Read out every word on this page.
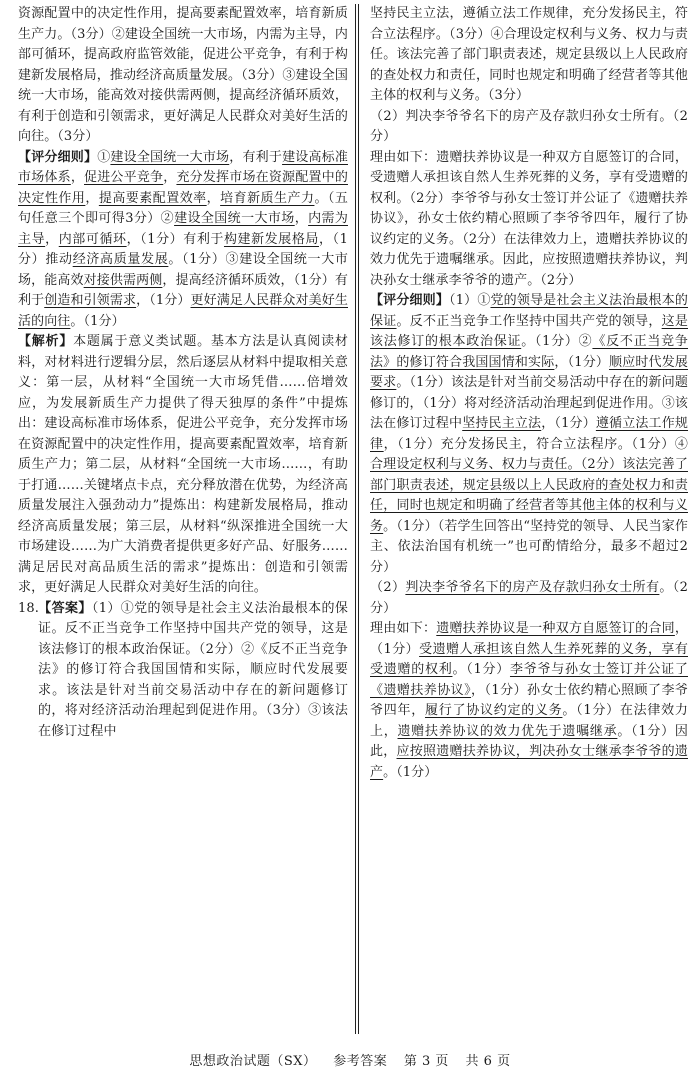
资源配置中的决定性作用，提高要素配置效率，培育新质生产力。（3分）②建设全国统一大市场，内需为主导，内部可循环，提高政府监管效能，促进公平竞争，有利于构建新发展格局，推动经济高质量发展。（3分）③建设全国统一大市场，能高效对接供需两侧，提高经济循环质效，有利于创造和引领需求，更好满足人民群众对美好生活的向往。（3分）

【评分细则】①建设全国统一大市场，有利于建设高标准市场体系，促进公平竞争，充分发挥市场在资源配置中的决定性作用，提高要素配置效率，培育新质生产力。（五句任意三个即可得3分）②建设全国统一大市场，内需为主导，内部可循环，（1分）有利于构建新发展格局，（1分）推动经济高质量发展。（1分）③建设全国统一大市场，能高效对接供需两侧，提高经济循环质效，（1分）有利于创造和引领需求，（1分）更好满足人民群众对美好生活的向往。（1分）

【解析】本题属于意义类试题。基本方法是认真阅读材料，对材料进行逻辑分层，然后逐层从材料中提取相关意义：第一层，从材料“全国统一大市场凭借……倍增效应，为发展新质生产力提供了得天独厚的条件”中提炼出：建设高标准市场体系，促进公平竞争，充分发挥市场在资源配置中的决定性作用，提高要素配置效率，培育新质生产力；第二层，从材料“全国统一大市场……，有助于打通……关键堵点卡点，充分释放潜在优势，为经济高质量发展注入强劲动力”提炼出：构建新发展格局，推动经济高质量发展；第三层，从材料“纵深推进全国统一大市场建设……为广大消费者提供更多好产品、好服务……满足居民对高品质生活的需求”提炼出：创造和引领需求，更好满足人民群众对美好生活的向往。

18.【答案】（1）①党的领导是社会主义法治最根本的保证。反不正当竞争工作坚持中国共产党的领导，这是该法修订的根本政治保证。（2分）②《反不正当竞争法》的修订符合我国国情和实际，顺应时代发展要求。该法是针对当前交易活动中存在的新问题修订的，将对经济活动治理起到促进作用。（3分）③该法在修订过程中

坚持民主立法，遵循立法工作规律，充分发扬民主，符合立法程序。（3分）④合理设定权利与义务、权力与责任。该法完善了部门职责表述，规定县级以上人民政府的查处权力和责任，同时也规定和明确了经营者等其他主体的权利与义务。（3分）

（2）判决李爷爷名下的房产及存款归孙女士所有。（2分）

理由如下：遗赠扶养协议是一种双方自愿签订的合同，受遗赠人承担该自然人生养死葬的义务，享有受遗赠的权利。（2分）李爷爷与孙女士签订并公证了《遗赠扶养协议》，孙女士依约精心照顾了李爷爷四年，履行了协议约定的义务。（2分）在法律效力上，遗赠扶养协议的效力优先于遗嘱继承。因此，应按照遗赠扶养协议，判决孙女士继承李爷爷的遗产。（2分）

【评分细则】（1）①党的领导是社会主义法治最根本的保证。反不正当竞争工作坚持中国共产党的领导，这是该法修订的根本政治保证。（1分）②《反不正当竞争法》的修订符合我国国情和实际，（1分）顺应时代发展要求。（1分）该法是针对当前交易活动中存在的新问题修订的，（1分）将对经济活动治理起到促进作用。③该法在修订过程中坚持民主立法，（1分）遵循立法工作规律，（1分）充分发扬民主，符合立法程序。（1分）④合理设定权利与义务、权力与责任。（2分）该法完善了部门职责表述，规定县级以上人民政府的查处权力和责任，同时也规定和明确了经营者等其他主体的权利与义务。（1分）（若学生回答出“坚持党的领导、人民当家作主、依法治国有机统一”也可酌情给分，最多不超过2分）

（2）判决李爷爷名下的房产及存款归孙女士所有。（2分）

理由如下：遗赠扶养协议是一种双方自愿签订的合同，（1分）受遗赠人承担该自然人生养死葬的义务，享有受遗赠的权利。（1分）李爷爷与孙女士签订并公证了《遗赠扶养协议》，（1分）孙女士依约精心照顾了李爷爷四年，履行了协议约定的义务。（1分）在法律效力上，遗赠扶养协议的效力优先于遗嘱继承。（1分）因此，应按照遗赠扶养协议，判决孙女士继承李爷爷的遗产。（1分）

思想政治试题（SX） 参考答案 第 3 页 共 6 页
